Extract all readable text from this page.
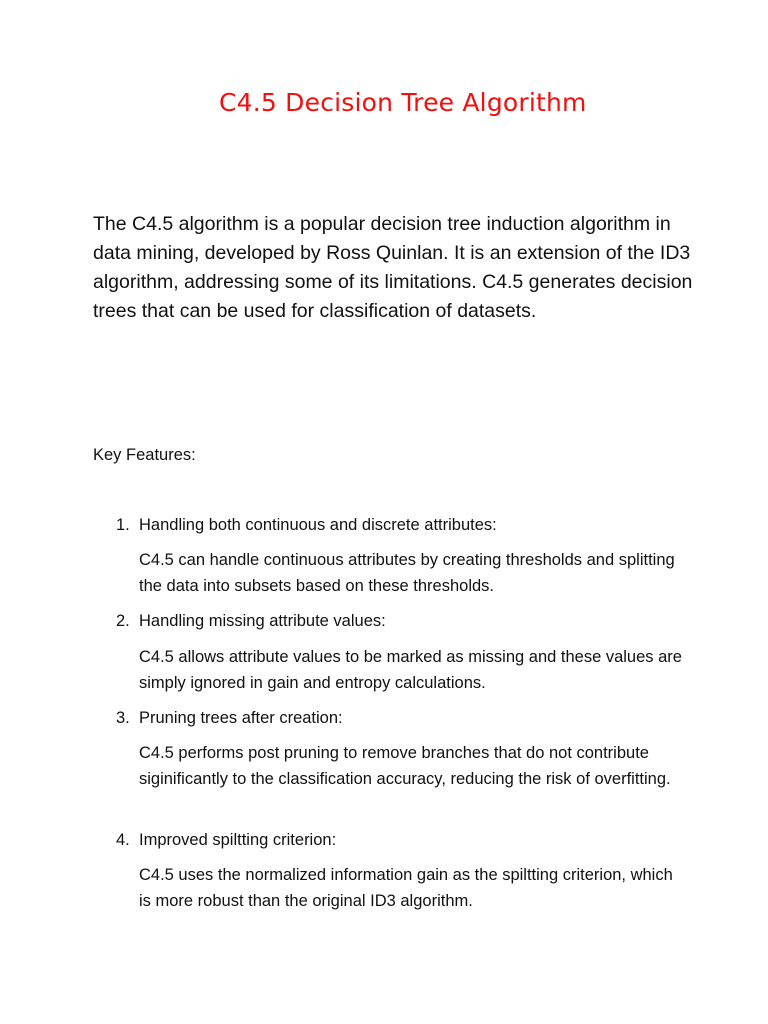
C4.5 Decision Tree Algorithm

The C4.5 algorithm is a popular decision tree induction algorithm in data mining, developed by Ross Quinlan. It is an extension of the ID3 algorithm, addressing some of its limitations. C4.5 generates decision trees that can be used for classification of datasets.

Key Features:

1. Handling both continuous and discrete attributes:

C4.5 can handle continuous attributes by creating thresholds and splitting the data into subsets based on these thresholds.

2. Handling missing attribute values:

C4.5 allows attribute values to be marked as missing and these values are simply ignored in gain and entropy calculations.

3. Pruning trees after creation:

C4.5 performs post pruning to remove branches that do not contribute siginificantly to the classification accuracy, reducing the risk of overfitting.

4. Improved spiltting criterion:

C4.5 uses the normalized information gain as the spiltting criterion, which is more robust than the original ID3 algorithm.
